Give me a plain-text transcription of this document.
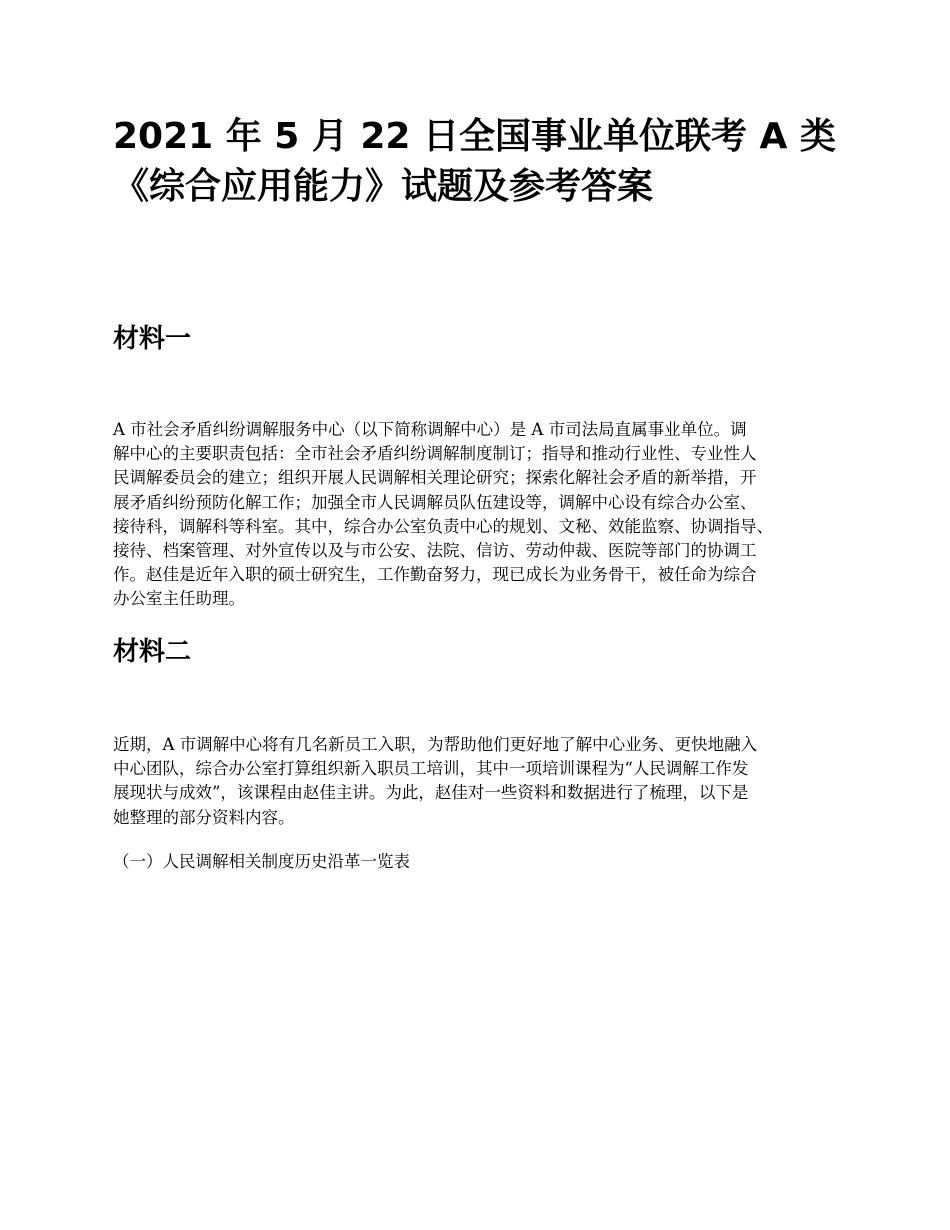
2021 年 5 月 22 日全国事业单位联考 A 类
《综合应用能力》试题及参考答案
材料一

A 市社会矛盾纠纷调解服务中心（以下简称调解中心）是 A 市司法局直属事业单位。调
解中心的主要职责包括：全市社会矛盾纠纷调解制度制订；指导和推动行业性、专业性人
民调解委员会的建立；组织开展人民调解相关理论研究；探索化解社会矛盾的新举措，开
展矛盾纠纷预防化解工作；加强全市人民调解员队伍建设等，调解中心设有综合办公室、
接待科，调解科等科室。其中，综合办公室负责中心的规划、文秘、效能监察、协调指导、
接待、档案管理、对外宣传以及与市公安、法院、信访、劳动仲裁、医院等部门的协调工
作。赵佳是近年入职的硕士研究生，工作勤奋努力，现已成长为业务骨干，被任命为综合
办公室主任助理。

材料二

近期，A 市调解中心将有几名新员工入职，为帮助他们更好地了解中心业务、更快地融入
中心团队，综合办公室打算组织新入职员工培训，其中一项培训课程为“人民调解工作发
展现状与成效”，该课程由赵佳主讲。为此，赵佳对一些资料和数据进行了梳理，以下是
她整理的部分资料内容。

（一）人民调解相关制度历史沿革一览表
